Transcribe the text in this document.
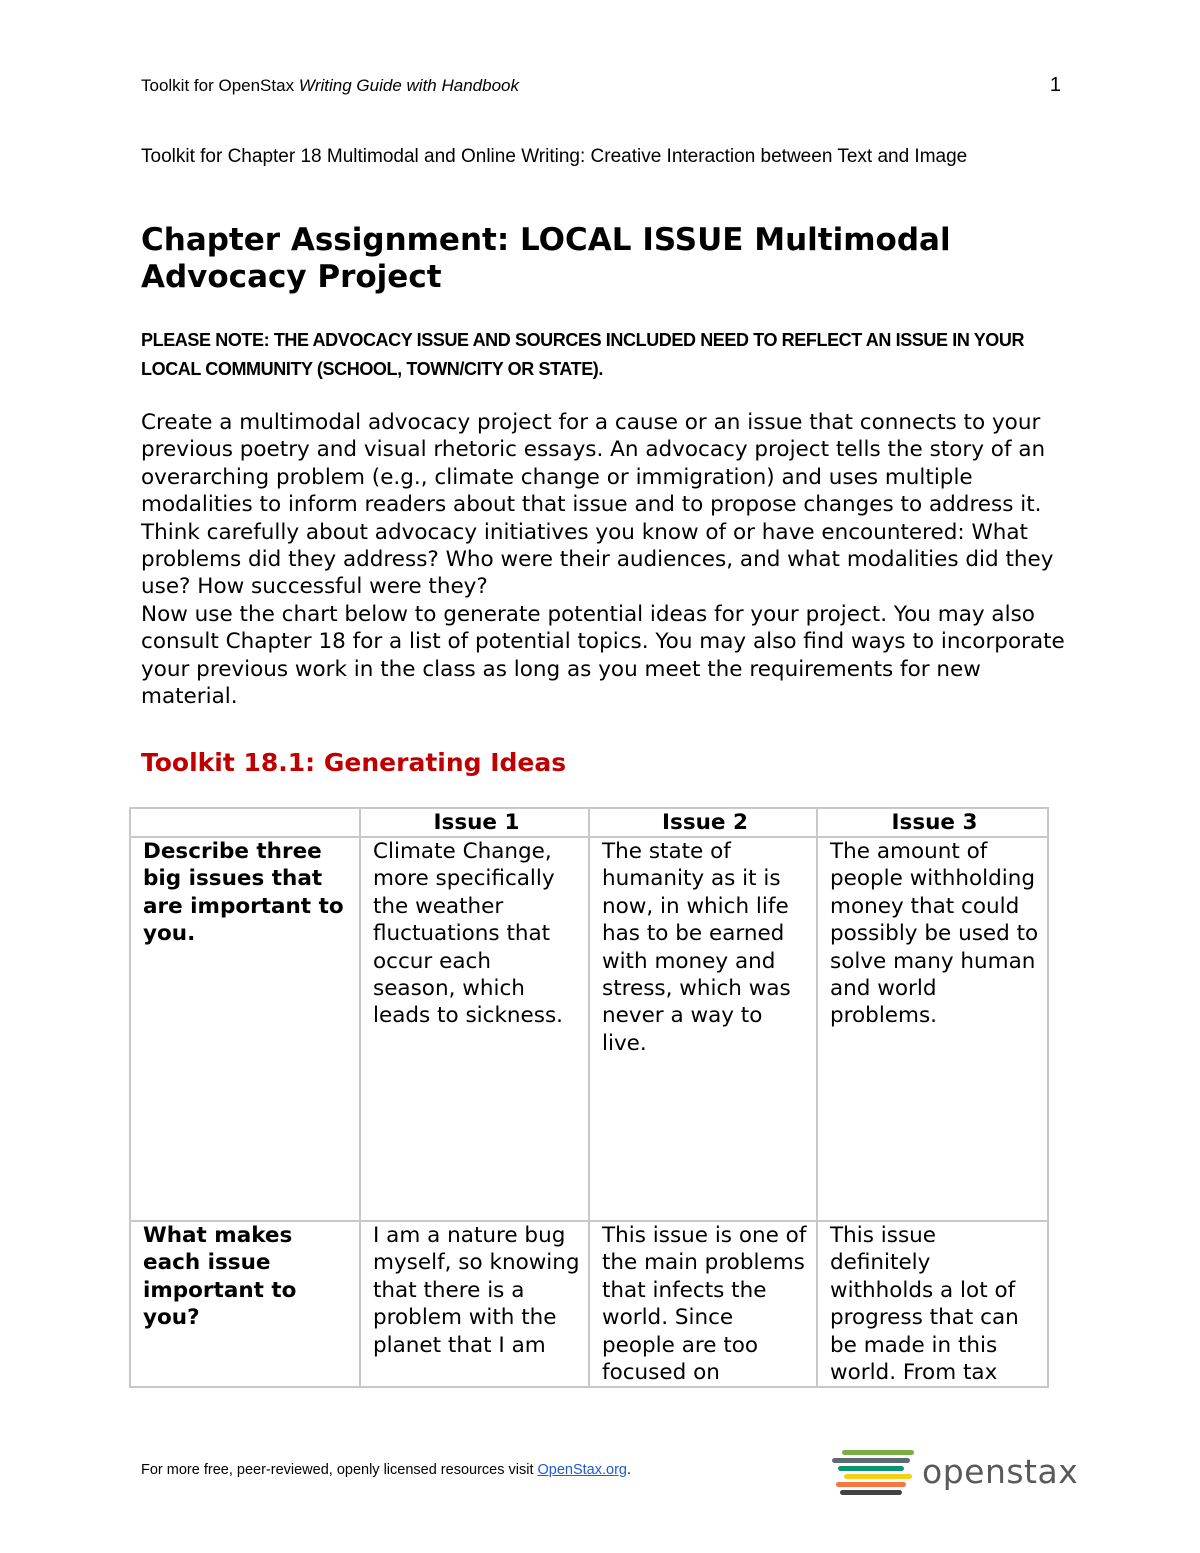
Toolkit for OpenStax Writing Guide with Handbook	1
Toolkit for Chapter 18 Multimodal and Online Writing: Creative Interaction between Text and Image
Chapter Assignment: LOCAL ISSUE Multimodal Advocacy Project
PLEASE NOTE: THE ADVOCACY ISSUE AND SOURCES INCLUDED NEED TO REFLECT AN ISSUE IN YOUR LOCAL COMMUNITY (SCHOOL, TOWN/CITY OR STATE).

Create a multimodal advocacy project for a cause or an issue that connects to your previous poetry and visual rhetoric essays. An advocacy project tells the story of an overarching problem (e.g., climate change or immigration) and uses multiple modalities to inform readers about that issue and to propose changes to address it. Think carefully about advocacy initiatives you know of or have encountered: What problems did they address? Who were their audiences, and what modalities did they use? How successful were they?

Now use the chart below to generate potential ideas for your project. You may also consult Chapter 18 for a list of potential topics. You may also find ways to incorporate your previous work in the class as long as you meet the requirements for new material.

Toolkit 18.1: Generating Ideas
	Issue 1	Issue 2	Issue 3
Describe three big issues that are important to you.	Climate Change, more specifically the weather fluctuations that occur each season, which leads to sickness.	The state of humanity as it is now, in which life has to be earned with money and stress, which was never a way to live.	The amount of people withholding money that could possibly be used to solve many human and world problems.
What makes each issue important to you?	I am a nature bug myself, so knowing that there is a problem with the planet that I am	This issue is one of the main problems that infects the world. Since people are too focused on	This issue definitely withholds a lot of progress that can be made in this world. From tax
For more free, peer-reviewed, openly licensed resources visit OpenStax.org.	openstax
